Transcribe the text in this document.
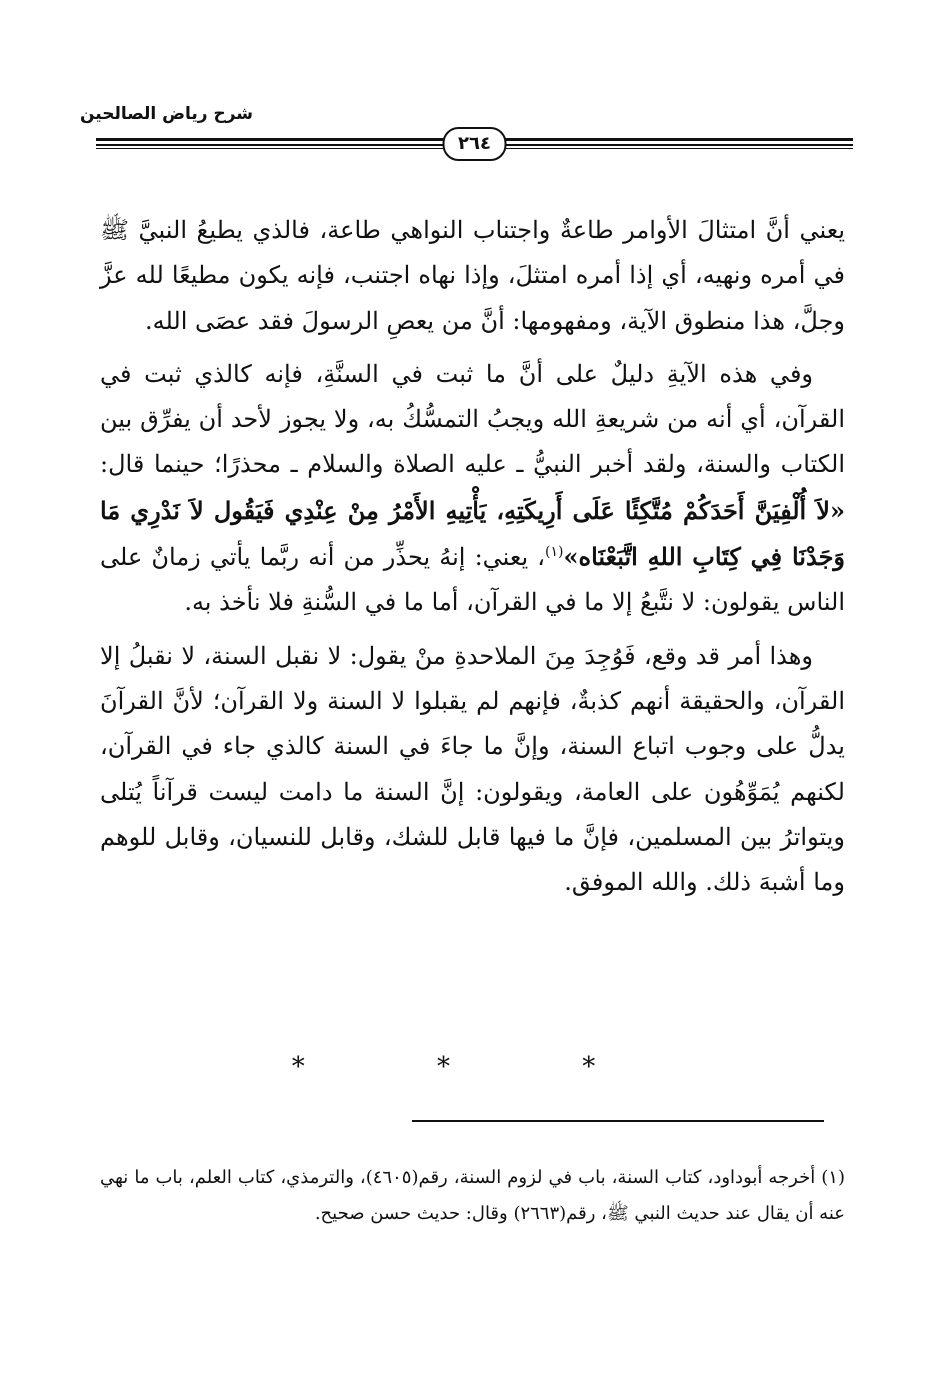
شرح رياض الصالحين
٢٦٤

يعني أنَّ امتثالَ الأوامر طاعةٌ واجتناب النواهي طاعة، فالذي يطيعُ النبيَّ ﷺ في أمره ونهيه، أي إذا أمره امتثلَ، وإذا نهاه اجتنب، فإنه يكون مطيعًا لله عزَّ وجلَّ، هذا منطوق الآية، ومفهومها: أنَّ من يعصِ الرسولَ فقد عصَى الله.

وفي هذه الآيةِ دليلٌ على أنَّ ما ثبت في السنَّةِ، فإنه كالذي ثبت في القرآن، أي أنه من شريعةِ الله ويجبُ التمسُّكُ به، ولا يجوز لأحد أن يفرِّق بين الكتاب والسنة، ولقد أخبر النبيُّ ـ عليه الصلاة والسلام ـ محذرًا؛ حينما قال: «لاَ أُلْفِيَنَّ أَحَدَكُمْ مُتَّكِئًا عَلَى أَرِيكَتِهِ، يَأْتِيهِ الأَمْرُ مِنْ عِنْدِي فَيَقُول لاَ نَدْرِي مَا وَجَدْنَا فِي كِتَابِ اللهِ اتَّبَعْنَاه»$^{(١)}$، يعني: إنهُ يحذِّر من أنه ربَّما يأتي زمانٌ على الناس يقولون: لا نتَّبعُ إلا ما في القرآن، أما ما في السُّنةِ فلا نأخذ به.

وهذا أمر قد وقع، فَوُجِدَ مِنَ الملاحدةِ منْ يقول: لا نقبل السنة، لا نقبلُ إلا القرآن، والحقيقة أنهم كذبةٌ، فإنهم لم يقبلوا لا السنة ولا القرآن؛ لأنَّ القرآنَ يدلُّ على وجوب اتباع السنة، وإنَّ ما جاءَ في السنة كالذي جاء في القرآن، لكنهم يُمَوِّهُون على العامة، ويقولون: إنَّ السنة ما دامت ليست قرآناً يُتلى ويتواترُ بين المسلمين، فإنَّ ما فيها قابل للشك، وقابل للنسيان، وقابل للوهم وما أشبهَ ذلك. والله الموفق.

* * *
(١) أخرجه أبوداود، كتاب السنة، باب في لزوم السنة، رقم(٤٦٠٥)، والترمذي، كتاب العلم، باب ما نهي عنه أن يقال عند حديث النبي ﷺ، رقم(٢٦٦٣) وقال: حديث حسن صحيح.
